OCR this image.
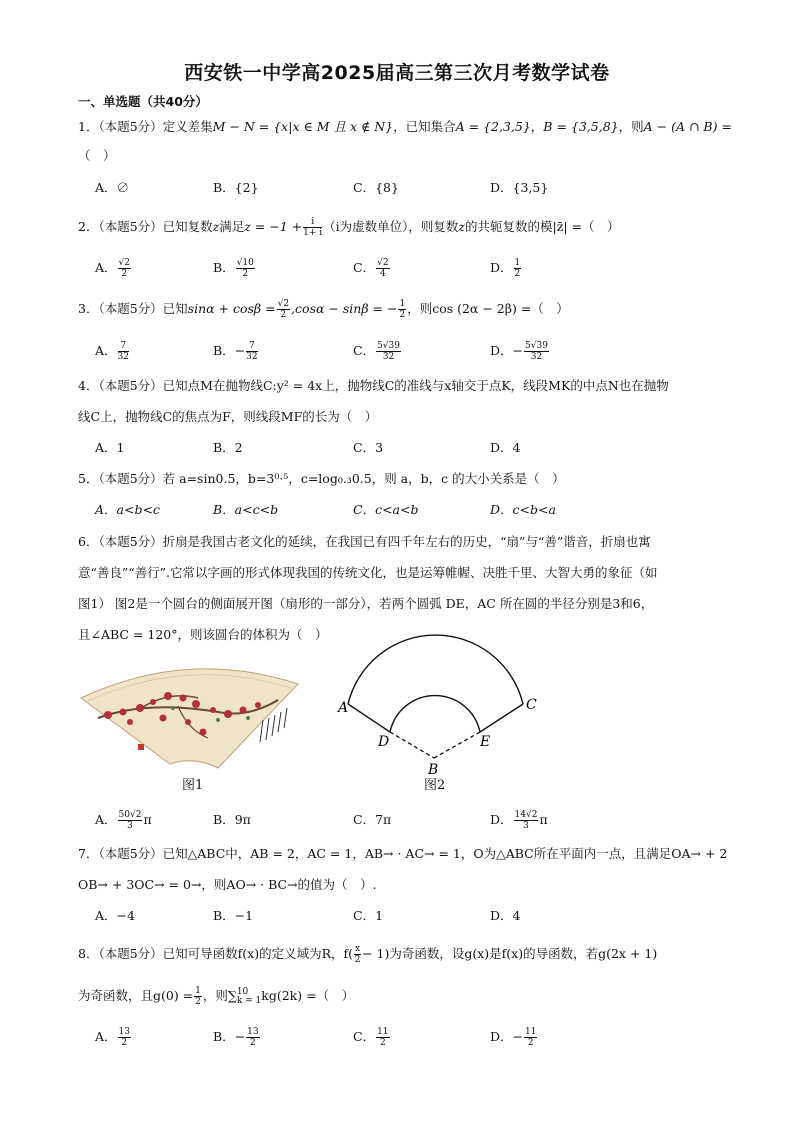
西安铁一中学高2025届高三第三次月考数学试卷
一、单选题（共40分）
1．（本题5分）定义差集M − N = {x|x ∈ M 且 x ∉ N}，已知集合A = {2,3,5}，B = {3,5,8}，则A − (A ∩ B) =
（　）
A．∅	B．{2}	C．{8}	D．{3,5}
2．（本题5分）已知复数z满足$z = -1 + \frac{i}{1+ i} (i$为虚数单位），则复数z的共轭复数的模|z̄| =（　）
A． $\frac{√2}{2}$	B． $\frac{√10}{2}$	C． $\frac{√2}{4}$	D． $\frac{1}{2}$
3．（本题5分）已知$\sin\alpha + \cos\beta = \frac{√2}{2} ,\cos\alpha - \sin\beta$ = − $\frac{1}{2}$ ，则cos (2α − 2β) =（　）
A． $\frac{7}{32}$	B．− $\frac{7}{32}$	C． $\frac{5√39}{32}$	D．− $\frac{5√39}{32}$
4．（本题5分）已知点M在抛物线C:y² = 4x上，抛物线C的准线与x轴交于点K，线段MK的中点N也在抛物
线C上，抛物线C的焦点为F，则线段MF的长为（　）
A．1	B．2	C．3	D．4
5．（本题5分）若 a=sin0.5，b=3⁰·⁵，c=log₀.₃0.5，则 a，b，c 的大小关系是（　）
A．a<b<c	B．a<c<b	C．c<a<b	D．c<b<a
6．（本题5分）折扇是我国古老文化的延续，在我国已有四千年左右的历史，“扇”与“善”谐音，折扇也寓
意“善良”“善行”.它常以字画的形式体现我国的传统文化，也是运筹帷幄、决胜千里、大智大勇的象征（如
图1） 图2是一个圆台的侧面展开图（扇形的一部分），若两个圆弧 DE，AC 所在圆的半径分别是3和6，
且∠ABC = 120°，则该圆台的体积为（　）
图1
A	C
D	E
B
图2
A． $\frac{50√2}{3}$ π	B．9π	C．7π	D． $\frac{14√2}{3}$ π
7．（本题5分）已知△ABC中，AB = 2，AC = 1，AB→ · AC→ = 1，O为△ABC所在平面内一点，且满足OA→ + 2
OB→ + 3OC→ = 0→，则AO→ · BC→的值为（　）.
A．−4	B．−1	C．1	D．4
8．（本题5分）已知可导函数f(x)的定义域为R，$f( \frac{x}{2} - 1)$为奇函数，设g(x)是f(x)的导函数，若g(2x + 1)
为奇函数，且$g(0) = \frac{1}{2}$ ，则∑ 10
k = 1 kg(2k) =（　）
A． $\frac{13}{2}$	B．− $\frac{13}{2}$	C． $\frac{11}{2}$	D．− $\frac{11}{2}$
